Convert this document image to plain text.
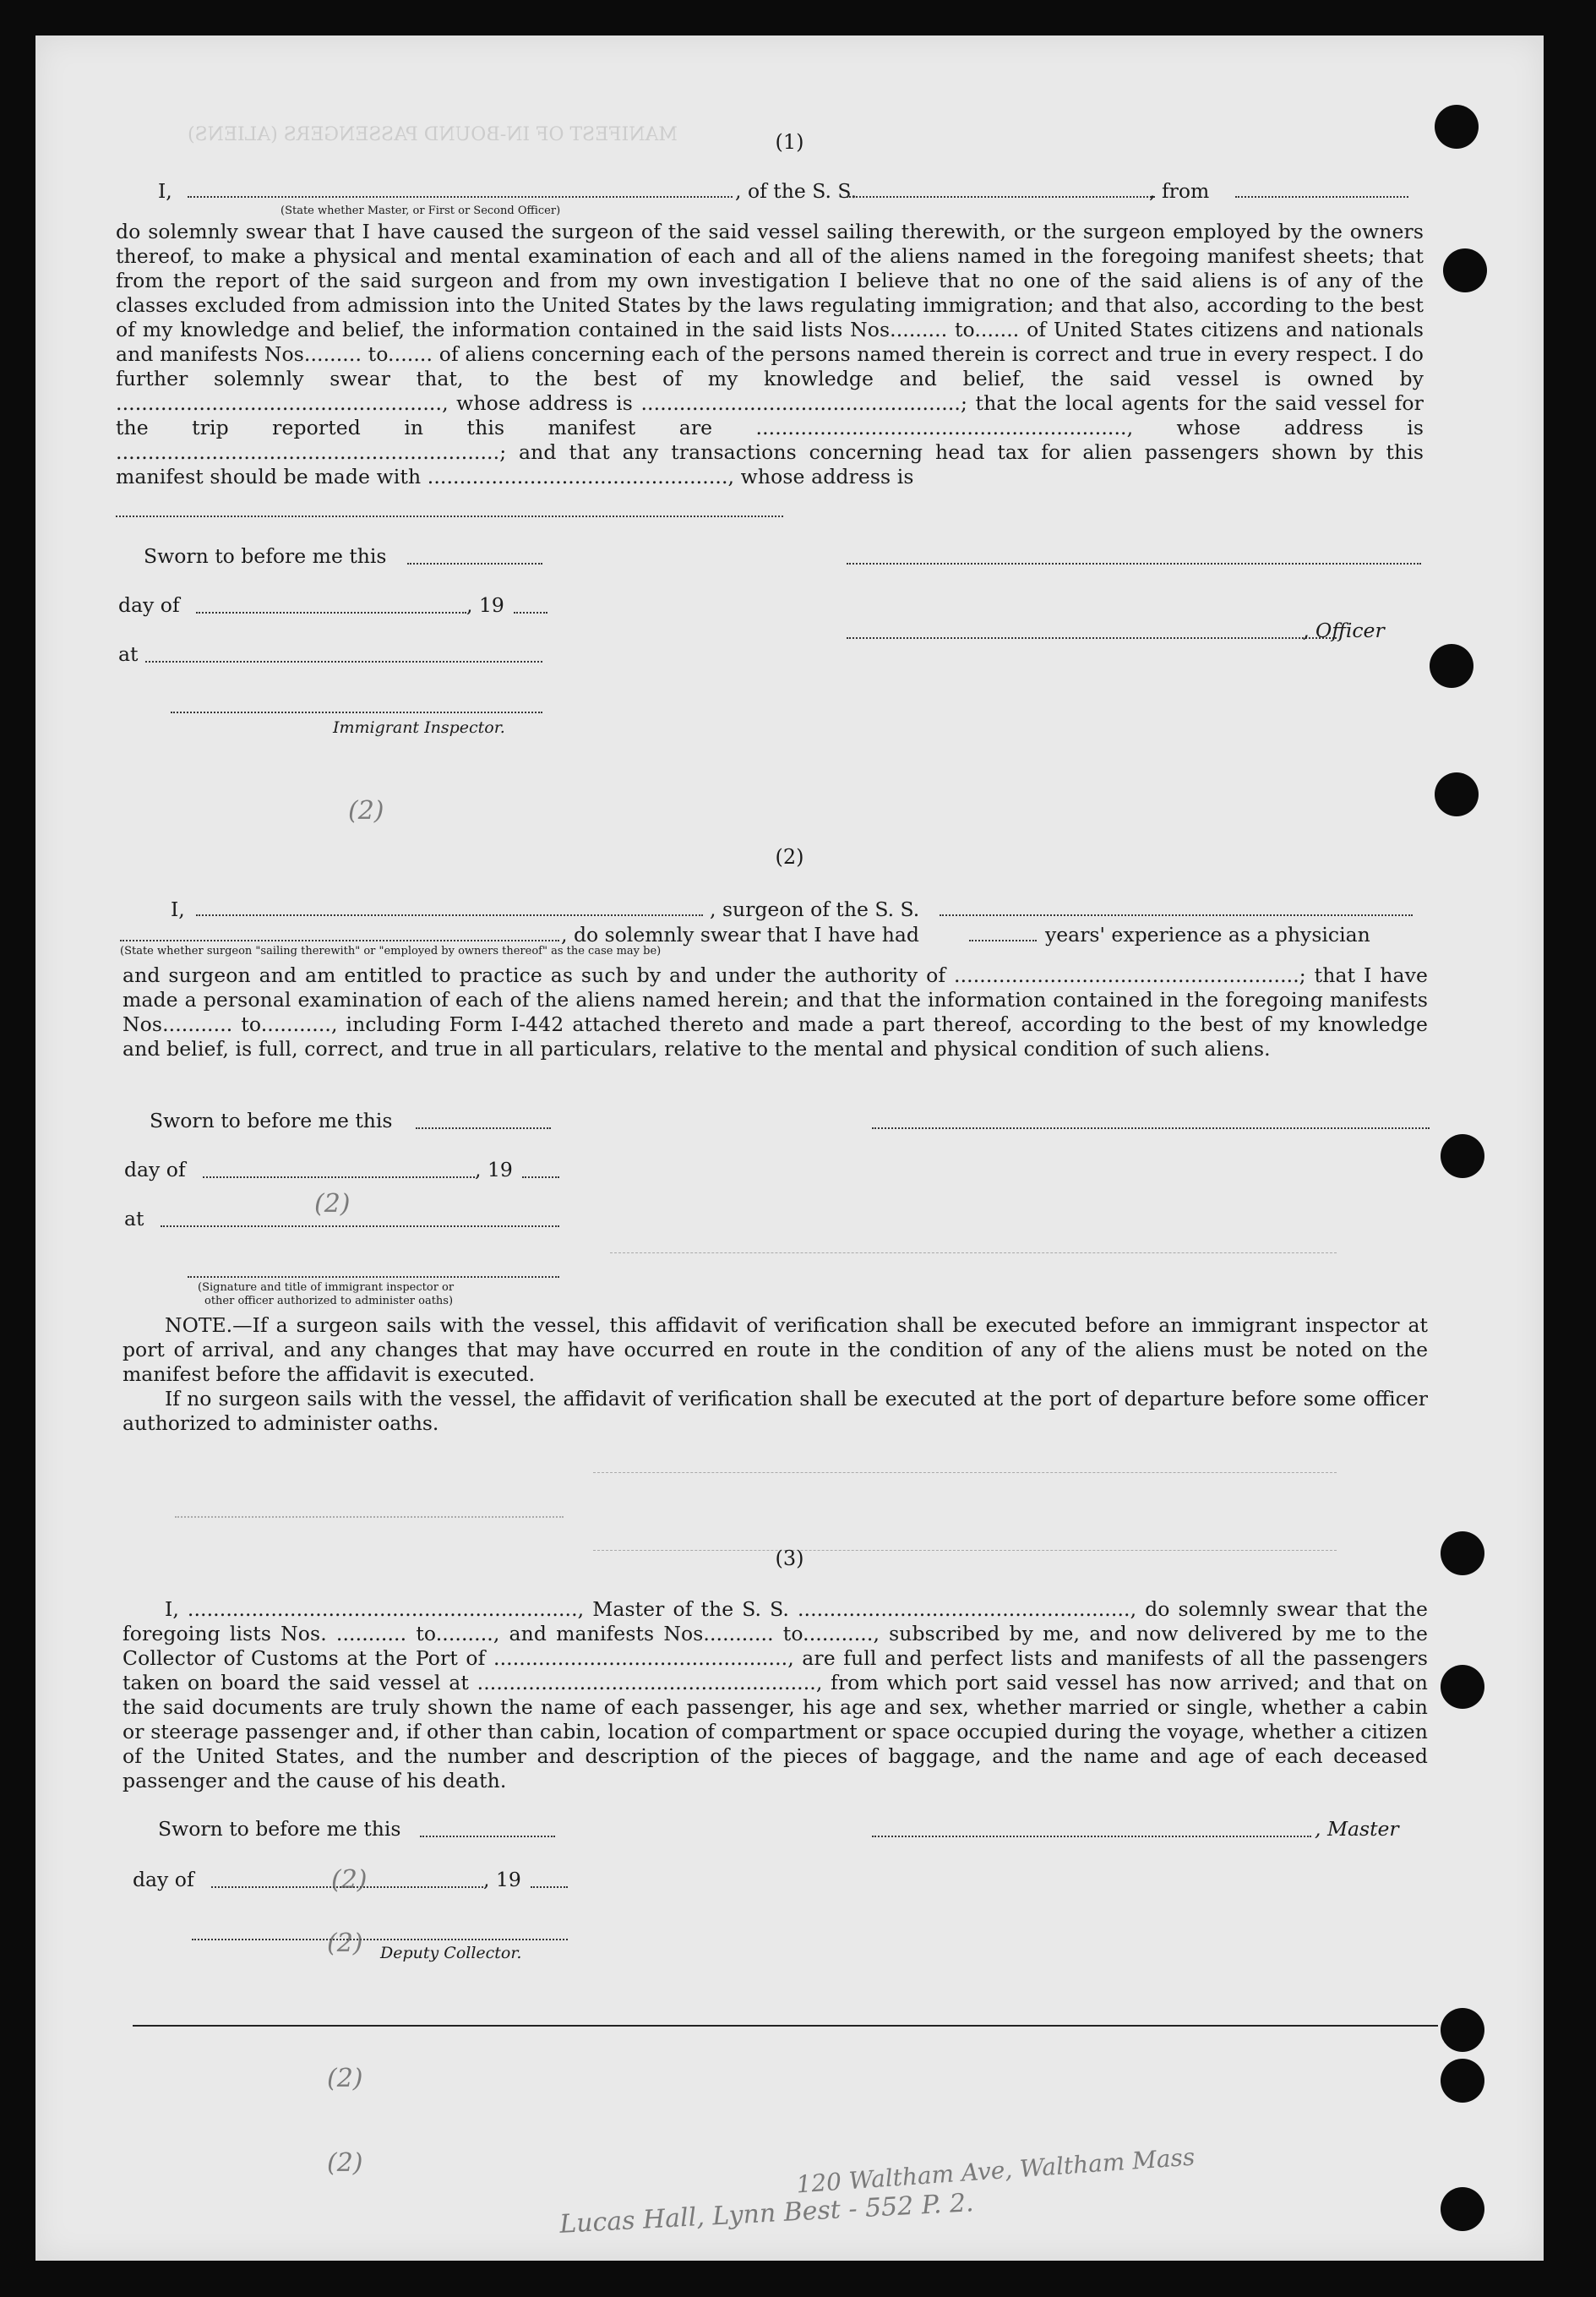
MANIFEST OF IN-BOUND PASSENGERS (ALIENS)	(1)
I,	, of the S. S.	, from
(State whether Master, or First or Second Officer)
do solemnly swear that I have caused the surgeon of the said vessel sailing therewith, or the surgeon employed by the owners thereof, to make a physical and mental examination of each and all of the aliens named in the foregoing manifest sheets; that from the report of the said surgeon and from my own investigation I believe that no one of the said aliens is of any of the classes excluded from admission into the United States by the laws regulating immigration; and that also, according to the best of my knowledge and belief, the information contained in the said lists Nos......... to....... of United States citizens and nationals and manifests Nos......... to....... of aliens concerning each of the persons named therein is correct and true in every respect. I do further solemnly swear that, to the best of my knowledge and belief, the said vessel is owned by ..................................................., whose address is ..................................................; that the local agents for the said vessel for the trip reported in this manifest are .........................................................., whose address is ............................................................; and that any transactions concerning head tax for alien passengers shown by this manifest should be made with ..............................................., whose address is
Sworn to before me this
day of	, 19
at
, Officer
Immigrant Inspector.
(2)
(2)
I,	, surgeon of the S. S.
, do solemnly swear that I have had	years' experience as a physician
(State whether surgeon "sailing therewith" or "employed by owners thereof" as the case may be)
and surgeon and am entitled to practice as such by and under the authority of ......................................................; that I have made a personal examination of each of the aliens named herein; and that the information contained in the foregoing manifests Nos........... to..........., including Form I-442 attached thereto and made a part thereof, according to the best of my knowledge and belief, is full, correct, and true in all particulars, relative to the mental and physical condition of such aliens.
Sworn to before me this
day of	, 19
at
(Signature and title of immigrant inspector or
other officer authorized to administer oaths)
NOTE.—If a surgeon sails with the vessel, this affidavit of verification shall be executed before an immigrant inspector at port of arrival, and any changes that may have occurred en route in the condition of any of the aliens must be noted on the manifest before the affidavit is executed.
If no surgeon sails with the vessel, the affidavit of verification shall be executed at the port of departure before some officer authorized to administer oaths.
(3)
I, ............................................................., Master of the S. S. ...................................................., do solemnly swear that the foregoing lists Nos. ........... to........., and manifests Nos........... to..........., subscribed by me, and now delivered by me to the Collector of Customs at the Port of .............................................., are full and perfect lists and manifests of all the passengers taken on board the said vessel at ....................................................., from which port said vessel has now arrived; and that on the said documents are truly shown the name of each passenger, his age and sex, whether married or single, whether a cabin or steerage passenger and, if other than cabin, location of compartment or space occupied during the voyage, whether a citizen of the United States, and the number and description of the pieces of baggage, and the name and age of each deceased passenger and the cause of his death.
Sworn to before me this	, Master
day of	, 19
Deputy Collector.
(2)
(2)
(2)
(2)
(2)	120 Waltham Ave, Waltham Mass
Lucas Hall, Lynn Best - 552 P. 2.
